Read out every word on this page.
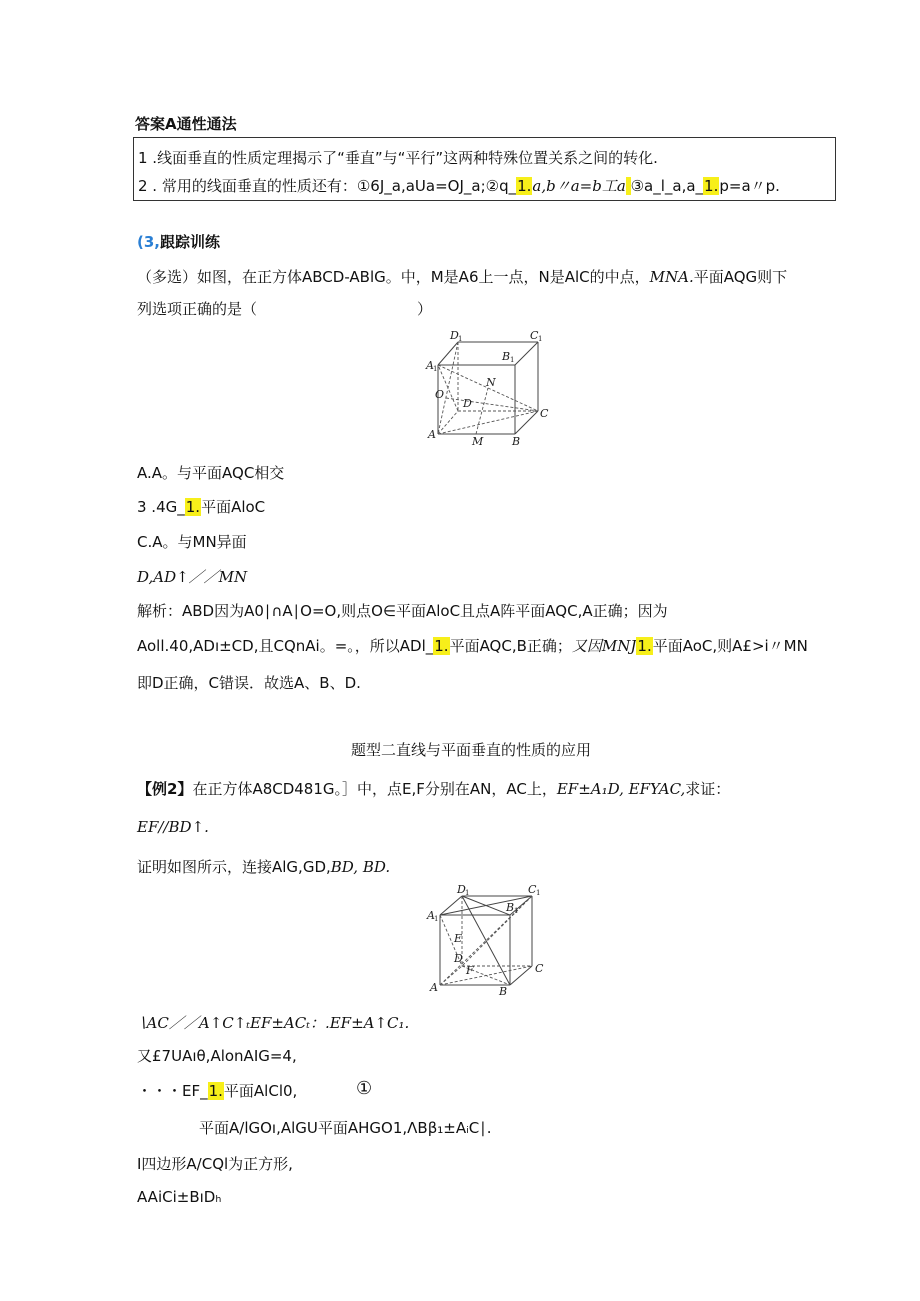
答案A通性通法
1 .线面垂直的性质定理揭示了“垂直”与“平行”这两种特殊位置关系之间的转化.
2 . 常用的线面垂直的性质还有：①6J_a,aUa=OJ_a;②q_1.a,b〃a=b工a ③a_l_a,a_1.p=a〃p.
(3,跟踪训练
（多选）如图，在正方体ABCD-ABlG。中，M是A6上一点，N是AlC的中点，MNA.平面AQG则下
列选项正确的是（	）
D 1	C 1
B 1
A 1
N
O
D
C
A
M	B
A.A。与平面AQC相交
3 .4G_1.平面AloC
C.A。与MN异面
D,AD↑／／MN
解析：ABD因为A0∣∩A∣O=O,则点O∈平面AloC且点A阵平面AQC,A正确；因为
Aoll.40,ADı±CD,且CQnAi。=。，所以ADl_1.平面AQC,B正确；又因MNJ1.平面AoC,则A£>i〃MN
即D正确，C错误．故选A、B、D.
题型二直线与平面垂直的性质的应用
【例2】在正方体A8CD481G。］中，点E,F分别在AN，AC上，EF±A₁D, EFYAC,求证：
EF//BD↑.
证明如图所示，连接AlG,GD,BD, BD.
D 1	C 1
A 1
B 1
E
D
F	C
A	B
∖AC／／A↑C↑ₜEF±ACₜ：.EF±A↑C₁.
又£7UAıθ,AlonAIG=4,
・・・EF_1.平面AlCl0,	①
平面A/lGOı,AlGU平面AHGO1,ΛBβ₁±AᵢC∣.
I四边形A/CQl为正方形,
AAiCi±BıDₕ
